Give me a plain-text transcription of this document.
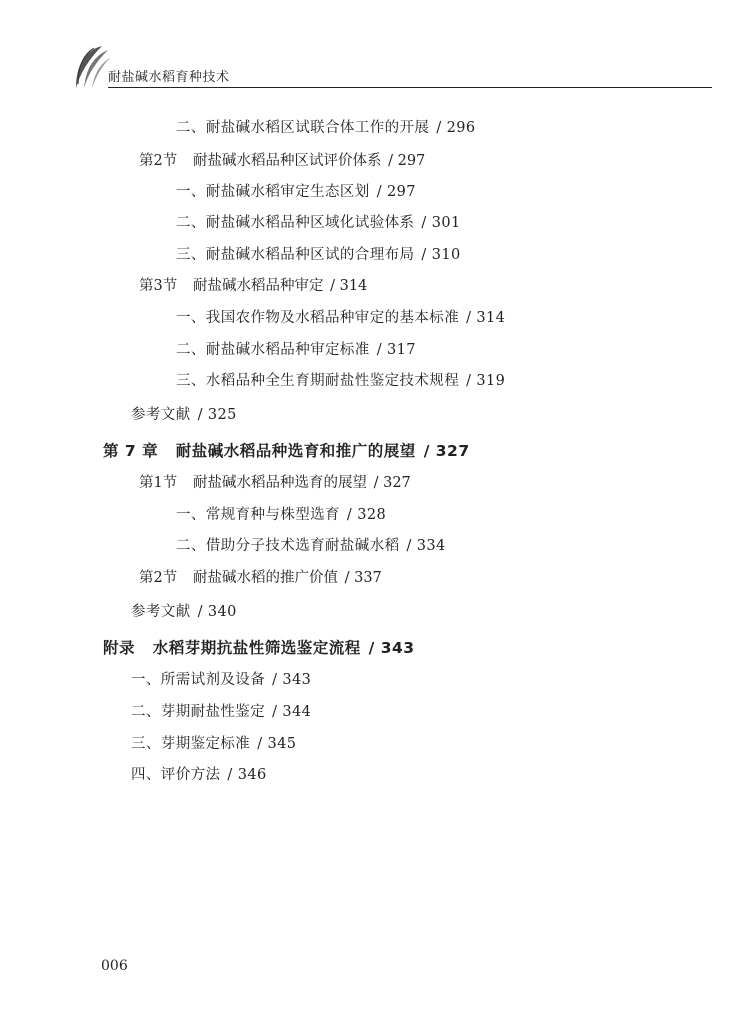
耐盐碱水稻育种技术
二、耐盐碱水稻区试联合体工作的开展 / 296
第2节 耐盐碱水稻品种区试评价体系 / 297
一、耐盐碱水稻审定生态区划 / 297
二、耐盐碱水稻品种区域化试验体系 / 301
三、耐盐碱水稻品种区试的合理布局 / 310
第3节 耐盐碱水稻品种审定 / 314
一、我国农作物及水稻品种审定的基本标准 / 314
二、耐盐碱水稻品种审定标准 / 317
三、水稻品种全生育期耐盐性鉴定技术规程 / 319
参考文献 / 325
第 7 章 耐盐碱水稻品种选育和推广的展望 / 327
第1节 耐盐碱水稻品种选育的展望 / 327
一、常规育种与株型选育 / 328
二、借助分子技术选育耐盐碱水稻 / 334
第2节 耐盐碱水稻的推广价值 / 337
参考文献 / 340
附录 水稻芽期抗盐性筛选鉴定流程 / 343
一、所需试剂及设备 / 343
二、芽期耐盐性鉴定 / 344
三、芽期鉴定标准 / 345
四、评价方法 / 346
006
